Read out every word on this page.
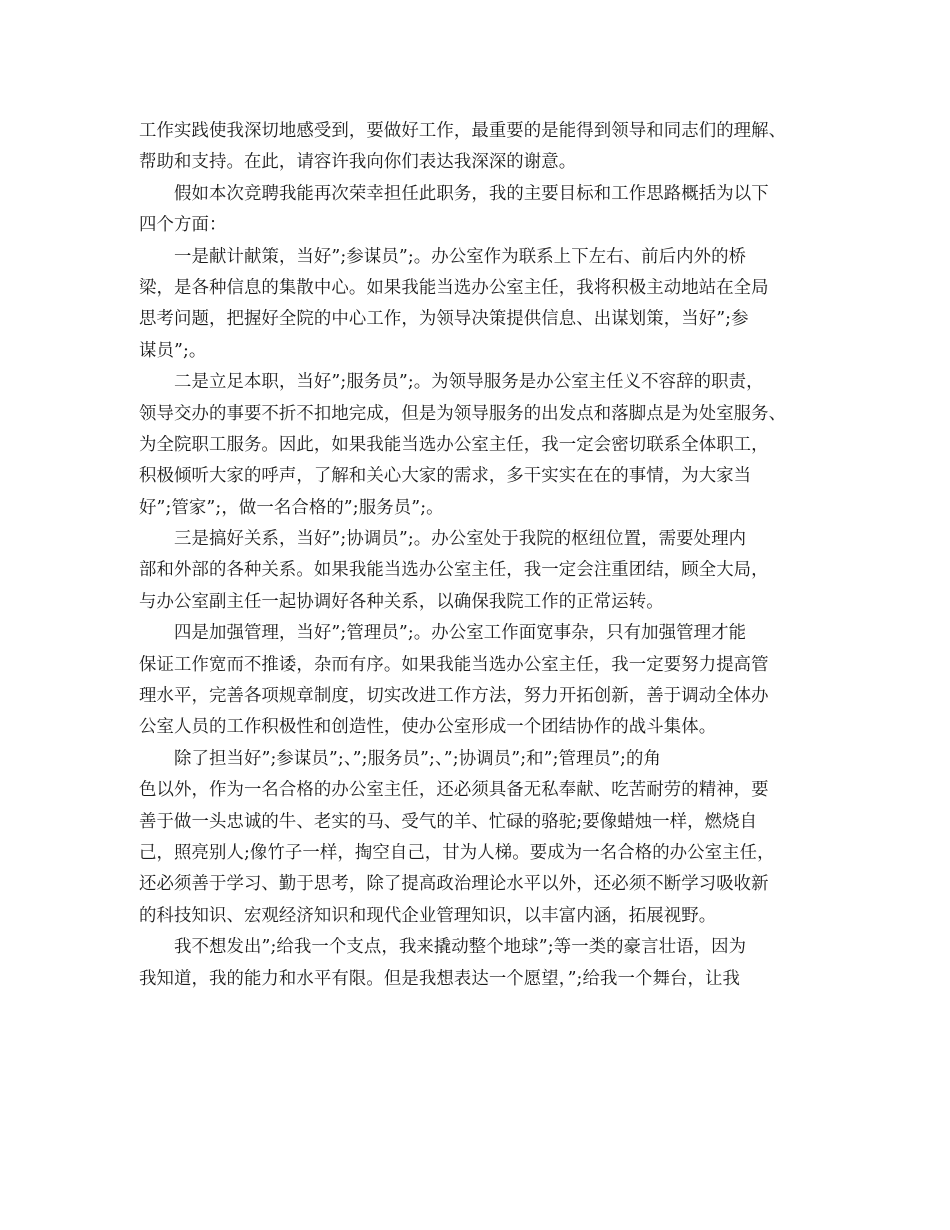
工作实践使我深切地感受到，要做好工作，最重要的是能得到领导和同志们的理解、
帮助和支持。在此，请容许我向你们表达我深深的谢意。
假如本次竞聘我能再次荣幸担任此职务，我的主要目标和工作思路概括为以下
四个方面：
一是献计献策，当好”;参谋员”;。办公室作为联系上下左右、前后内外的桥
梁，是各种信息的集散中心。如果我能当选办公室主任，我将积极主动地站在全局
思考问题，把握好全院的中心工作，为领导决策提供信息、出谋划策，当好”;参
谋员”;。
二是立足本职，当好”;服务员”;。为领导服务是办公室主任义不容辞的职责，
领导交办的事要不折不扣地完成，但是为领导服务的出发点和落脚点是为处室服务、
为全院职工服务。因此，如果我能当选办公室主任，我一定会密切联系全体职工，
积极倾听大家的呼声，了解和关心大家的需求，多干实实在在的事情，为大家当
好”;管家”;，做一名合格的”;服务员”;。
三是搞好关系，当好”;协调员”;。办公室处于我院的枢纽位置，需要处理内
部和外部的各种关系。如果我能当选办公室主任，我一定会注重团结，顾全大局，
与办公室副主任一起协调好各种关系，以确保我院工作的正常运转。
四是加强管理，当好”;管理员”;。办公室工作面宽事杂，只有加强管理才能
保证工作宽而不推诿，杂而有序。如果我能当选办公室主任，我一定要努力提高管
理水平，完善各项规章制度，切实改进工作方法，努力开拓创新，善于调动全体办
公室人员的工作积极性和创造性，使办公室形成一个团结协作的战斗集体。
除了担当好”;参谋员”;、”;服务员”;、”;协调员”;和”;管理员”;的角
色以外，作为一名合格的办公室主任，还必须具备无私奉献、吃苦耐劳的精神，要
善于做一头忠诚的牛、老实的马、受气的羊、忙碌的骆驼;要像蜡烛一样，燃烧自
己，照亮别人;像竹子一样，掏空自己，甘为人梯。要成为一名合格的办公室主任，
还必须善于学习、勤于思考，除了提高政治理论水平以外，还必须不断学习吸收新
的科技知识、宏观经济知识和现代企业管理知识，以丰富内涵，拓展视野。
我不想发出”;给我一个支点，我来撬动整个地球”;等一类的豪言壮语，因为
我知道，我的能力和水平有限。但是我想表达一个愿望，”;给我一个舞台，让我
